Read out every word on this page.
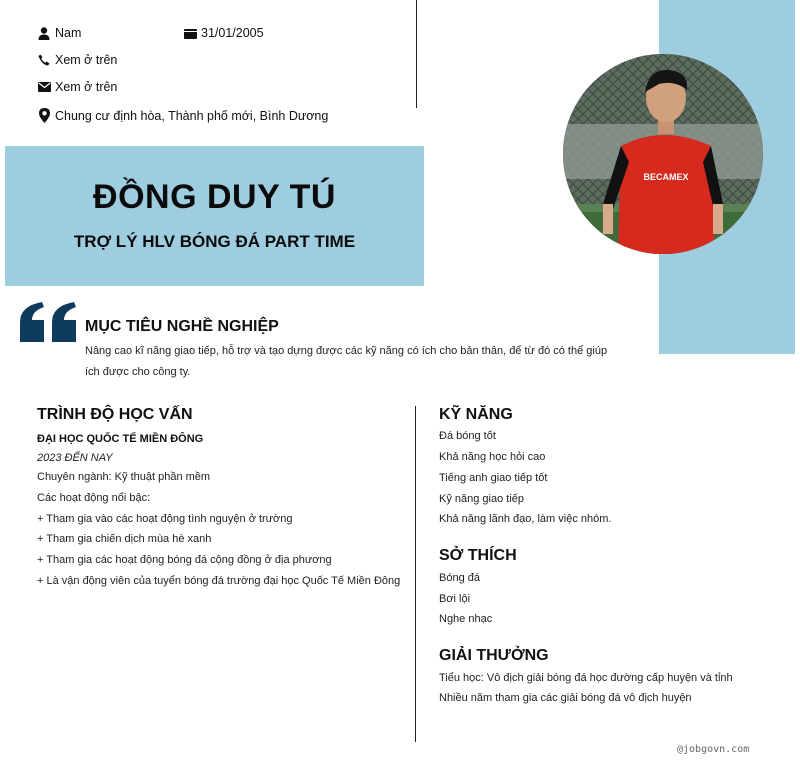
Nam	31/01/2005
Xem ở trên
Xem ở trên
Chung cư định hòa, Thành phố mới, Bình Dương
BECAMEX
ĐỒNG DUY TÚ
TRỢ LÝ HLV BÓNG ĐÁ PART TIME
MỤC TIÊU NGHỀ NGHIỆP
Nâng cao kĩ năng giao tiếp, hỗ trợ và tạo dựng được các kỹ năng có ích cho bản thân, để từ đó có thể giúp ích được cho công ty.
TRÌNH ĐỘ HỌC VẤN
ĐẠI HỌC QUỐC TẾ MIỀN ĐÔNG
2023 ĐẾN NAY
Chuyên ngành: Kỹ thuật phần mềm
Các hoạt động nổi bậc:
+ Tham gia vào các hoạt động tình nguyện ở trường
+ Tham gia chiến dịch mùa hè xanh
+ Tham gia các hoạt động bóng đá cộng đồng ở địa phương
+ Là vận động viên của tuyển bóng đá trường đại học Quốc Tế Miền Đông
KỸ NĂNG
Đá bóng tốt
Khả năng học hỏi cao
Tiếng anh giao tiếp tốt
Kỹ năng giao tiếp
Khả năng lãnh đạo, làm việc nhóm.
SỞ THÍCH
Bóng đá
Bơi lội
Nghe nhạc
GIẢI THƯỞNG
Tiểu học: Vô địch giải bóng đá học đường cấp huyện và tỉnh
Nhiều năm tham gia các giải bóng đá vô địch huyện
@jobgovn.com
